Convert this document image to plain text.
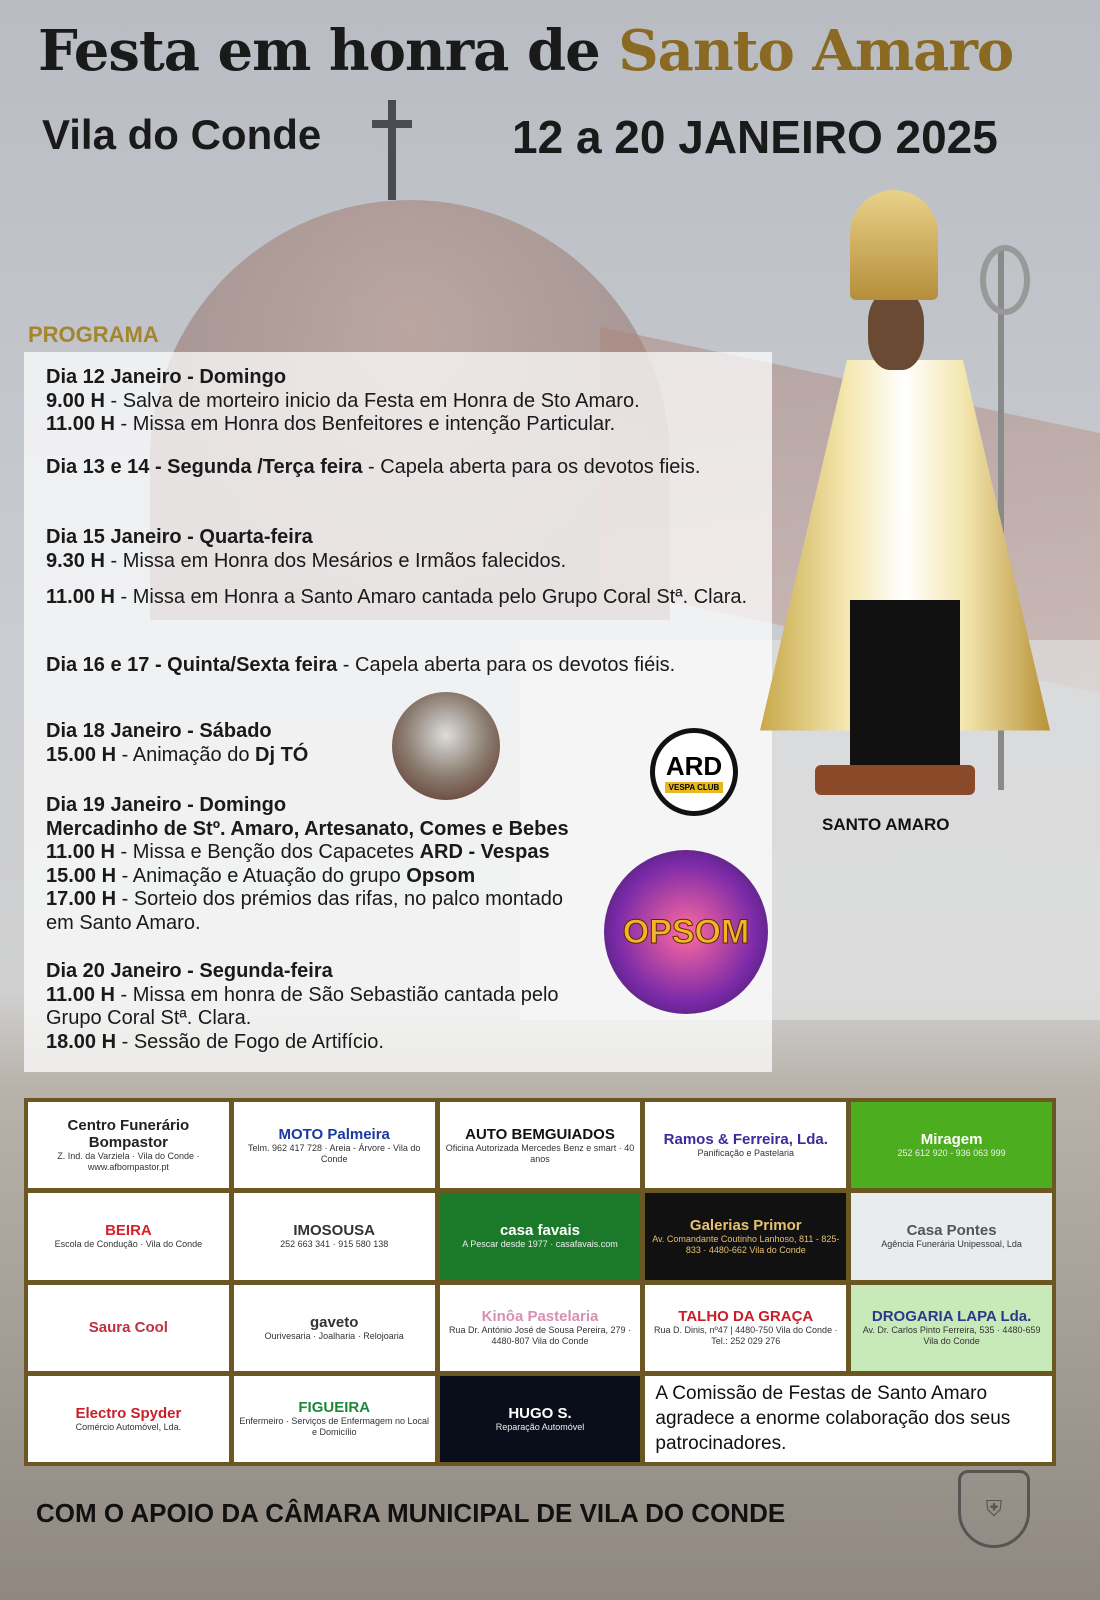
Festa em honra de Santo Amaro
Vila do Conde	12 a 20 JANEIRO 2025
PROGRAMA
Dia 12 Janeiro - Domingo
9.00 H - Salva de morteiro inicio da Festa em Honra de Sto Amaro.
11.00 H - Missa em Honra dos Benfeitores e intenção Particular.
Dia 13 e 14 - Segunda /Terça feira - Capela aberta para os devotos fieis.
Dia 15 Janeiro - Quarta-feira
9.30 H - Missa em Honra dos Mesários e Irmãos falecidos.
11.00 H - Missa em Honra a Santo Amaro cantada pelo Grupo Coral Stª. Clara.
Dia 16 e 17 - Quinta/Sexta feira - Capela aberta para os devotos fiéis.
Dia 18 Janeiro - Sábado
15.00 H - Animação do Dj TÓ
Dia 19 Janeiro - Domingo
Mercadinho de Stº. Amaro, Artesanato, Comes e Bebes
11.00 H - Missa e Benção dos Capacetes ARD - Vespas
15.00 H - Animação e Atuação do grupo Opsom
17.00 H - Sorteio dos prémios das rifas, no palco montado em Santo Amaro.
Dia 20 Janeiro - Segunda-feira
11.00 H - Missa em honra de São Sebastião cantada pelo Grupo Coral Stª. Clara.
18.00 H - Sessão de Fogo de Artifício.
ARD
VESPA CLUB
OPSOM
SANTO AMARO
Centro Funerário Bompastor
Z. Ind. da Varziela · Vila do Conde · www.afbompastor.pt
MOTO Palmeira
Telm. 962 417 728 · Areia - Árvore - Vila do Conde
AUTO BEMGUIADOS
Oficina Autorizada Mercedes Benz e smart · 40 anos
Ramos & Ferreira, Lda.
Panificação e Pastelaria
Miragem
252 612 920 - 936 063 999
BEIRA
Escola de Condução · Vila do Conde
IMOSOUSA
252 663 341 · 915 580 138
casa favais
A Pescar desde 1977 · casafavais.com
Galerias Primor
Av. Comandante Coutinho Lanhoso, 811 - 825-833 · 4480-662 Vila do Conde
Casa Pontes
Agência Funerária Unipessoal, Lda
Saura Cool	gaveto
Ourivesaria · Joalharia · Relojoaria
Kinôa Pastelaria
Rua Dr. António José de Sousa Pereira, 279 · 4480-807 Vila do Conde
TALHO DA GRAÇA
Rua D. Dinis, nº47 | 4480-750 Vila do Conde · Tel.: 252 029 276
DROGARIA LAPA Lda.
Av. Dr. Carlos Pinto Ferreira, 535 · 4480-659 Vila do Conde
Electro Spyder
Comércio Automóvel, Lda.
FIGUEIRA
Enfermeiro · Serviços de Enfermagem no Local e Domicílio
HUGO S.
Reparação Automóvel
A Comissão de Festas de Santo Amaro agradece a enorme colaboração dos seus patrocinadores.
COM O APOIO DA CÂMARA MUNICIPAL DE VILA DO CONDE	⛨
